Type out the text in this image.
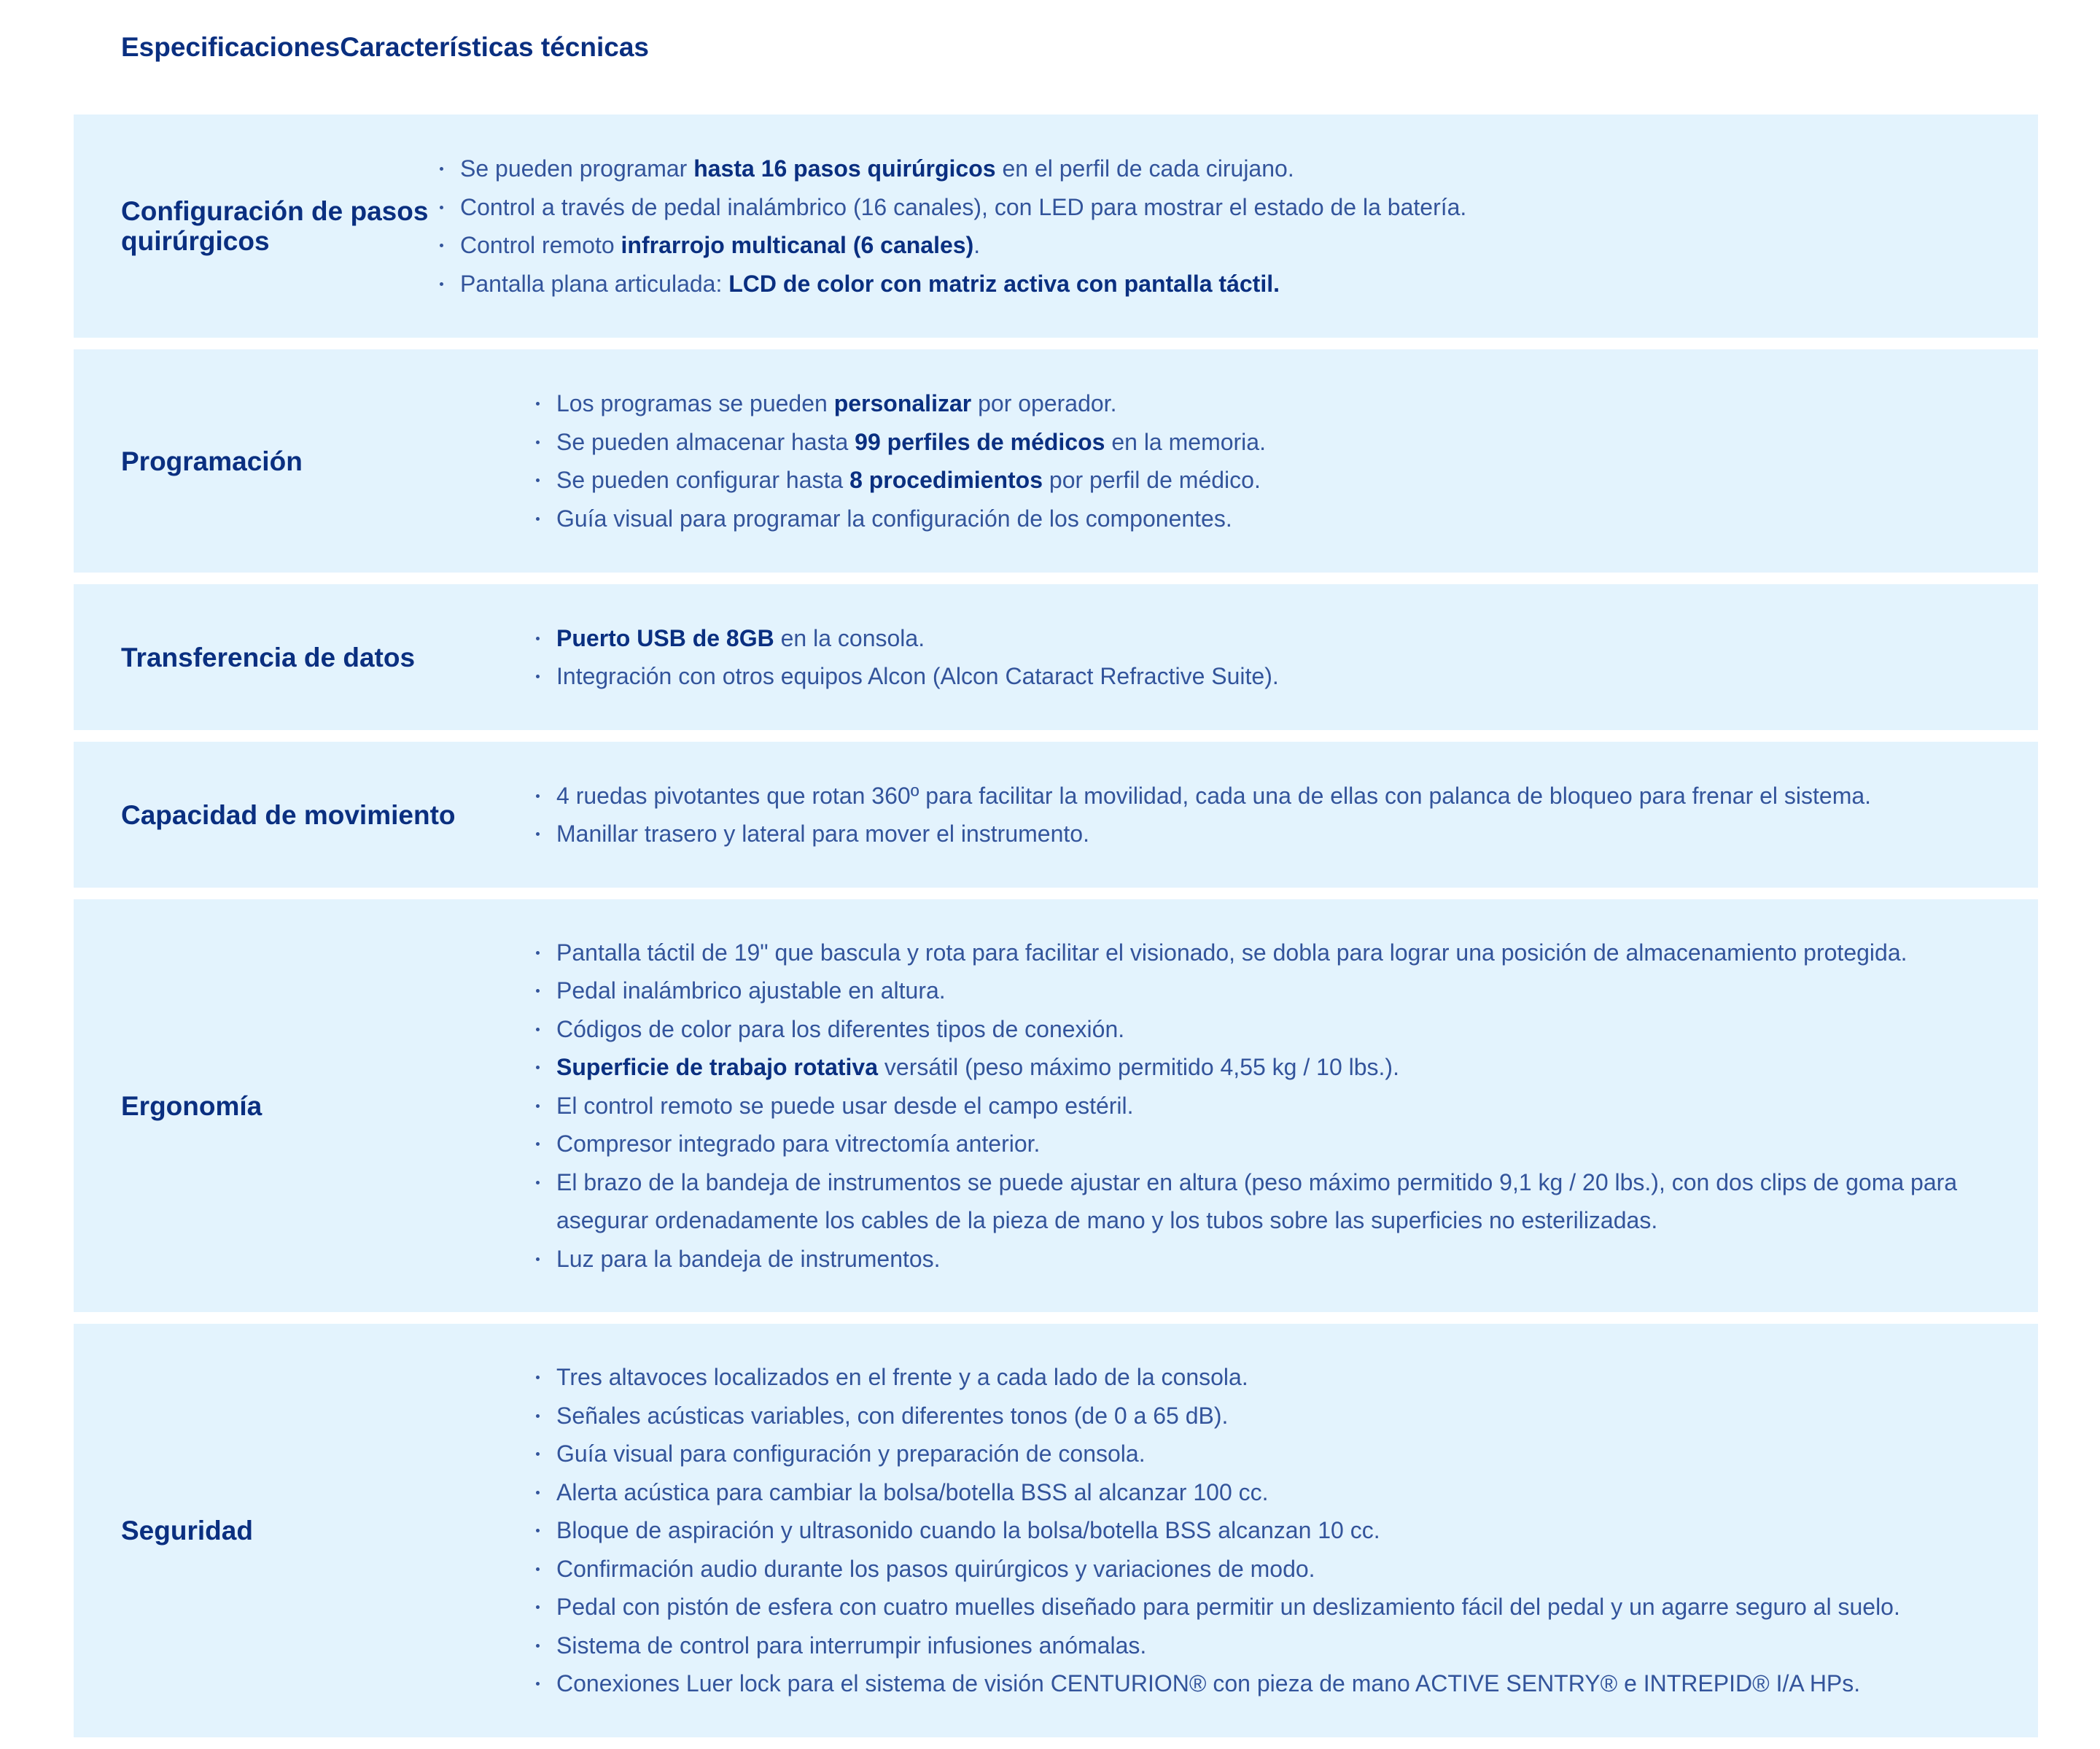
EspecificacionesCaracterísticas técnicas
Configuración de pasos quirúrgicos
Se pueden programar hasta 16 pasos quirúrgicos en el perfil de cada cirujano.
Control a través de pedal inalámbrico (16 canales), con LED para mostrar el estado de la batería.
Control remoto infrarrojo multicanal (6 canales).
Pantalla plana articulada: LCD de color con matriz activa con pantalla táctil.
Programación
Los programas se pueden personalizar por operador.
Se pueden almacenar hasta 99 perfiles de médicos en la memoria.
Se pueden configurar hasta 8 procedimientos por perfil de médico.
Guía visual para programar la configuración de los componentes.
Transferencia de datos
Puerto USB de 8GB en la consola.
Integración con otros equipos Alcon (Alcon Cataract Refractive Suite).
Capacidad de movimiento
4 ruedas pivotantes que rotan 360º para facilitar la movilidad, cada una de ellas con palanca de bloqueo para frenar el sistema.
Manillar trasero y lateral para mover el instrumento.
Ergonomía
Pantalla táctil de 19" que bascula y rota para facilitar el visionado, se dobla para lograr una posición de almacenamiento protegida.
Pedal inalámbrico ajustable en altura.
Códigos de color para los diferentes tipos de conexión.
Superficie de trabajo rotativa versátil (peso máximo permitido 4,55 kg / 10 lbs.).
El control remoto se puede usar desde el campo estéril.
Compresor integrado para vitrectomía anterior.
El brazo de la bandeja de instrumentos se puede ajustar en altura (peso máximo permitido 9,1 kg / 20 lbs.), con dos clips de goma para asegurar ordenadamente los cables de la pieza de mano y los tubos sobre las superficies no esterilizadas.
Luz para la bandeja de instrumentos.
Seguridad
Tres altavoces localizados en el frente y a cada lado de la consola.
Señales acústicas variables, con diferentes tonos (de 0 a 65 dB).
Guía visual para configuración y preparación de consola.
Alerta acústica para cambiar la bolsa/botella BSS al alcanzar 100 cc.
Bloque de aspiración y ultrasonido cuando la bolsa/botella BSS alcanzan 10 cc.
Confirmación audio durante los pasos quirúrgicos y variaciones de modo.
Pedal con pistón de esfera con cuatro muelles diseñado para permitir un deslizamiento fácil del pedal y un agarre seguro al suelo.
Sistema de control para interrumpir infusiones anómalas.
Conexiones Luer lock para el sistema de visión CENTURION® con pieza de mano ACTIVE SENTRY® e INTREPID® I/A HPs.
